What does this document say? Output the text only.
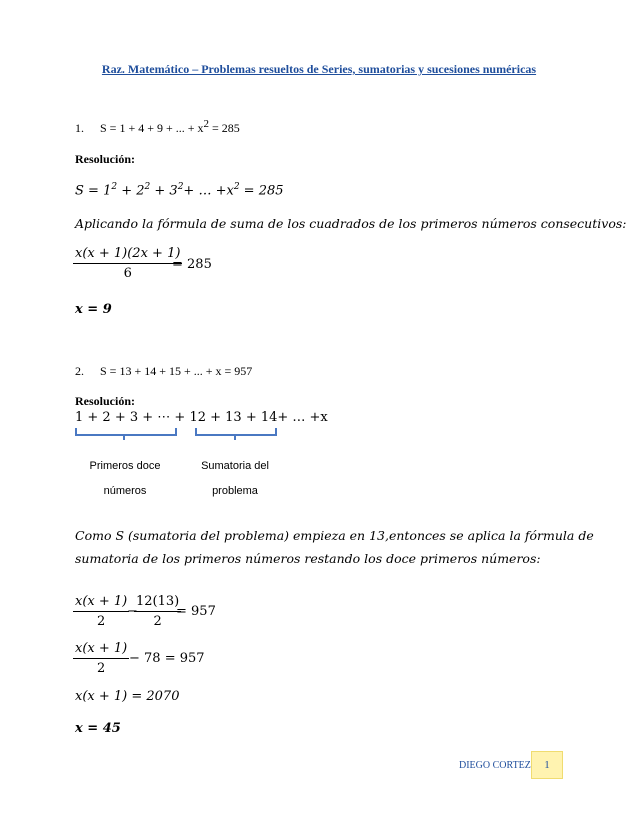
Raz. Matemático – Problemas resueltos de Series, sumatorias y sucesiones numéricas
1. S = 1 + 4 + 9 + ... + $x^2 = 285$
Resolución:
$S = 1^2 + 2^2 + 3^2+$ … $+x^2 = 285$
Aplicando la fórmula de suma de los cuadrados de los primeros números consecutivos:
$\frac{x(x + 1)(2x + 1)}{6}$
= 285
x = 9
2. S = 13 + 14 + 15 + ... + x = 957
Resolución:
1 + 2 + 3 + ⋯ + 12 + 13 + 14+ … +x
Primeros doce
números
Sumatoria del
problema
Como S (sumatoria del problema) empieza en 13,entonces se aplica la fórmula de
sumatoria de los primeros números restando los doce primeros números:
$\frac{x(x + 1)}{2}$
−
$\frac{12(13)}{2}$
= 957
$\frac{x(x + 1)}{2} - 78 = 957$
x(x + 1) = 2070
x = 45
DIEGO CORTEZ	1
